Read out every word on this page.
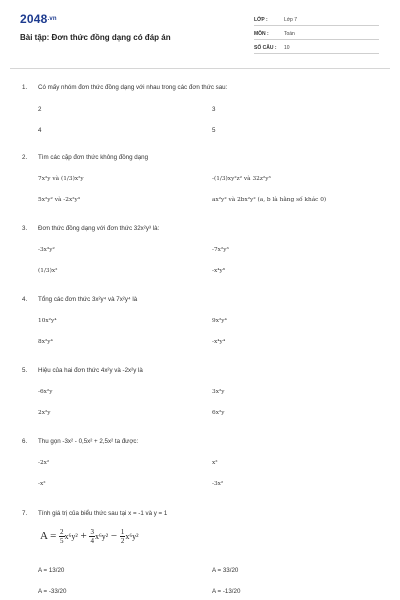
$2048^{.vn}$
Bài tập: Đơn thức đồng dạng có đáp án
LỚP :	Lớp 7
MÔN :	Toán
SỐ CÂU : 10
1. Có mấy nhóm đơn thức đồng dạng với nhau trong các đơn thức sau:
2	3
4	5
2. Tìm các cặp đơn thức không đồng dạng
7x²y và (1/3)x²y	-(1/3)xy²z² và 32z²y³
5x²y² và -2x²y³	ax²y² và 2bx²y² (a, b là hằng số khác 0)
3. Đơn thức đồng dạng với đơn thức 32x²y³ là:
-3x³y²	-7x²y³
(1/3)x²	-x⁴y⁶
4. Tổng các đơn thức 3x²y⁴ và 7x²y⁴ là
10x²y⁴	9x²y⁴
8x²y⁴	-x⁴y⁴
5. Hiệu của hai đơn thức 4x²y và -2x²y là
-6x²y	3x²y
2x²y	6x²y
6. Thu gọn -3x² - 0,5x² + 2,5x² ta được:
-2x²	x²
-x²	-3x²
7. Tính giá trị của biểu thức sau tại x = -1 và y = 1
$A = \frac{2}{5} x^6y^2 + \frac{3}{4} x^6y^2 - \frac{1}{2} x^6y^2$
A = 13/20	A = 33/20
A = -33/20	A = -13/20
